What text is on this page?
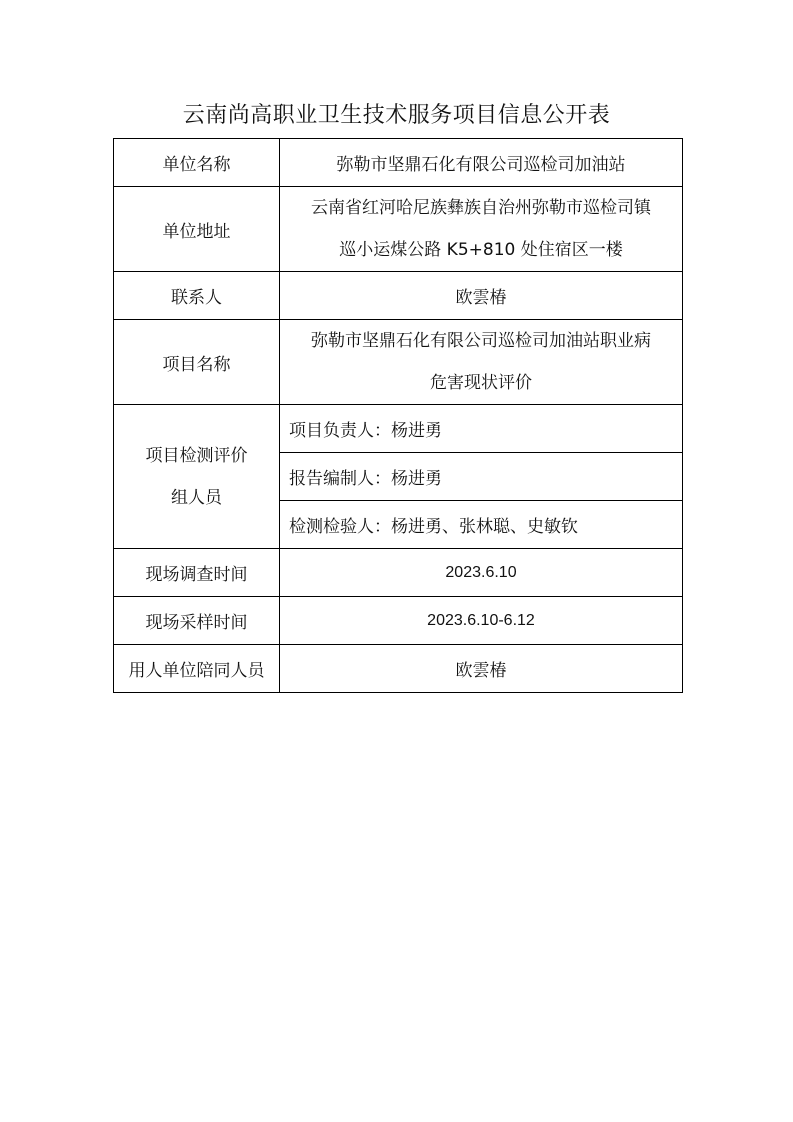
云南尚高职业卫生技术服务项目信息公开表
单位名称	弥勒市坚鼎石化有限公司巡检司加油站
单位地址	云南省红河哈尼族彝族自治州弥勒市巡检司镇
巡小运煤公路 K5+810 处住宿区一楼

联系人	欧雲椿
项目名称	弥勒市坚鼎石化有限公司巡检司加油站职业病
危害现状评价

项目检测评价
组人员	项目负责人：杨进勇
	报告编制人：杨进勇
	检测检验人：杨进勇、张林聪、史敏钦
现场调查时间	2023.6.10
现场采样时间	2023.6.10-6.12
用人单位陪同人员	欧雲椿
